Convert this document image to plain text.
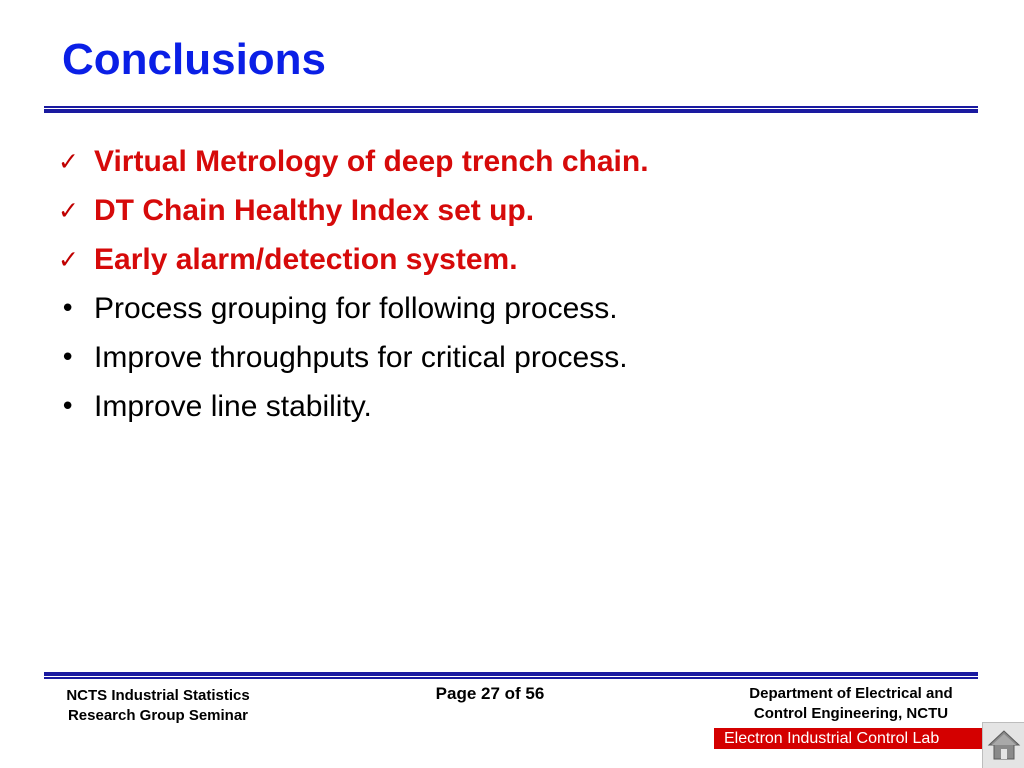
Conclusions
✓ Virtual Metrology of deep trench chain.
✓ DT Chain Healthy Index set up.
✓ Early alarm/detection system.
• Process grouping for following process.
• Improve throughputs for critical process.
• Improve line stability.
NCTS Industrial Statistics
Research Group Seminar
Page 27 of 56	Department of Electrical and
Control Engineering, NCTU
Electron Industrial Control Lab
